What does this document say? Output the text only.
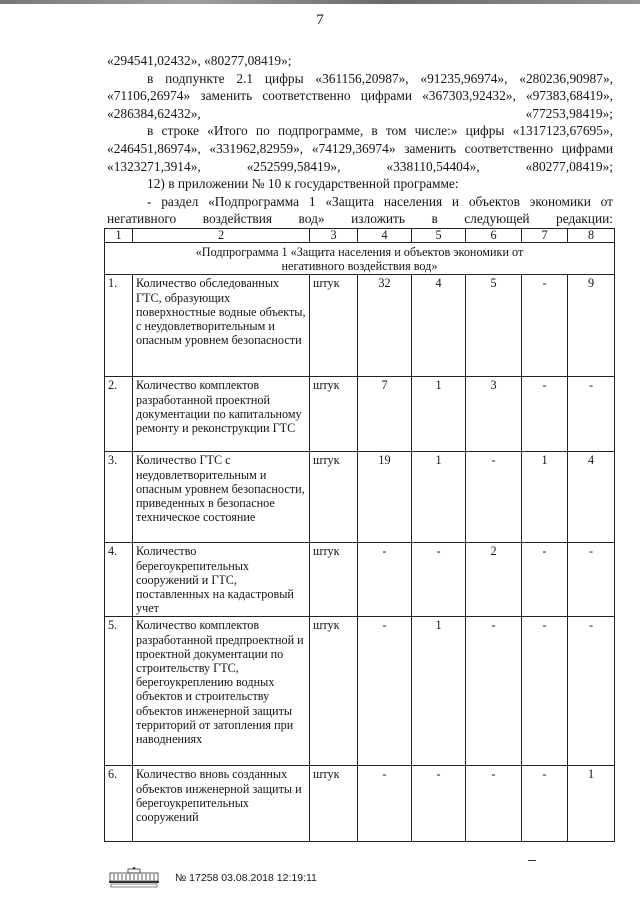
7

«294541,02432», «80277,08419»;

в подпункте 2.1 цифры «361156,20987», «91235,96974», «280236,90987», «71106,26974» заменить соответственно цифрами «367303,92432», «97383,68419», «286384,62432», «77253,98419»;

в строке «Итого по подпрограмме, в том числе:» цифры «1317123,67695», «246451,86974», «331962,82959», «74129,36974» заменить соответственно цифрами «1323271,3914», «252599,58419», «338110,54404», «80277,08419»;

12) в приложении № 10 к государственной программе:

- раздел «Подпрограмма 1 «Защита населения и объектов экономики от негативного воздействия вод» изложить в следующей редакции:

1	2	3	4	5	6	7	8
«Подпрограмма 1 «Защита населения и объектов экономики от негативного воздействия вод»							
1.	Количество обследованных ГТС, образующих поверхностные водные объекты, с неудовлетворительным и опасным уровнем безопасности	штук	32	4	5	-	9
2.	Количество комплектов разработанной проектной документации по капитальному ремонту и реконструкции ГТС	штук	7	1	3	-	-
3.	Количество ГТС с неудовлетворительным и опасным уровнем безопасности, приведенных в безопасное техническое состояние	штук	19	1	-	1	4
4.	Количество берегоукрепительных сооружений и ГТС, поставленных на кадастровый учет	штук	-	-	2	-	-
5.	Количество комплектов разработанной предпроектной и проектной документации по строительству ГТС, берегоукреплению водных объектов и строительству объектов инженерной защиты территорий от затопления при наводнениях	штук	-	1	-	-	-
6.	Количество вновь созданных объектов инженерной защиты и берегоукрепительных сооружений	штук	-	-	-	-	1
№ 17258 03.08.2018 12:19:11
